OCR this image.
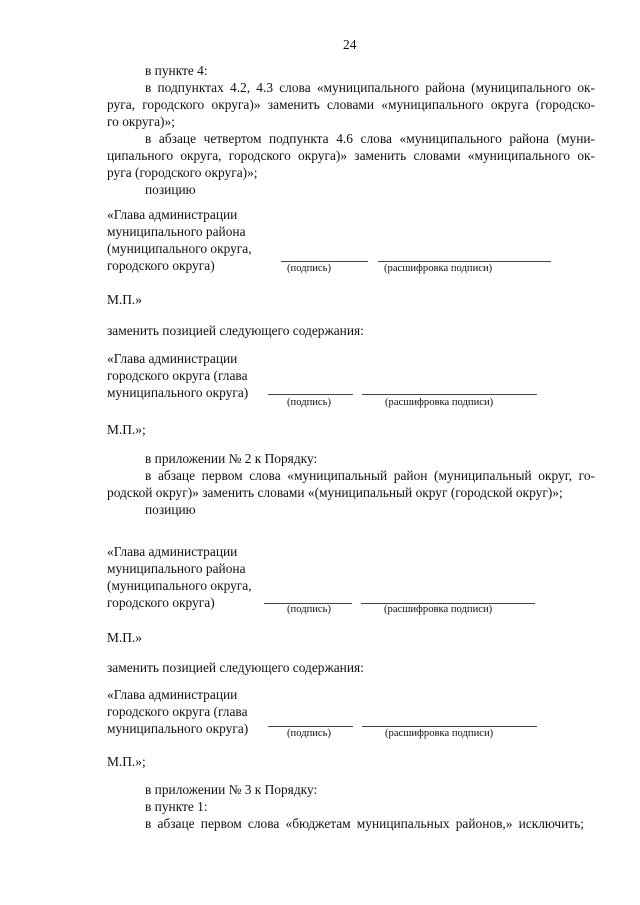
24
в пункте 4:
в подпунктах 4.2, 4.3 слова «муниципального района (муниципального ок-
руга, городского округа)» заменить словами «муниципального округа (городско-
го округа)»;
в абзаце четвертом подпункта 4.6 слова «муниципального района (муни-
ципального округа, городского округа)» заменить словами «муниципального ок-
руга (городского округа)»;
позицию
«Глава администрации
муниципального района
(муниципального округа,
городского округа)	(подпись)	(расшифровка подписи)
М.П.»
заменить позицией следующего содержания:
«Глава администрации
городского округа (глава
муниципального округа)
(подпись)	(расшифровка подписи)
М.П.»;
в приложении № 2 к Порядку:
в абзаце первом слова «муниципальный район (муниципальный округ, го-
родской округ)» заменить словами «(муниципальный округ (городской округ)»;
позицию
«Глава администрации
муниципального района
(муниципального округа,
городского округа)	(подпись)	(расшифровка подписи)
М.П.»
заменить позицией следующего содержания:
«Глава администрации
городского округа (глава
муниципального округа)	(подпись)	(расшифровка подписи)
М.П.»;
в приложении № 3 к Порядку:
в пункте 1:
в абзаце первом слова «бюджетам муниципальных районов,» исключить;
